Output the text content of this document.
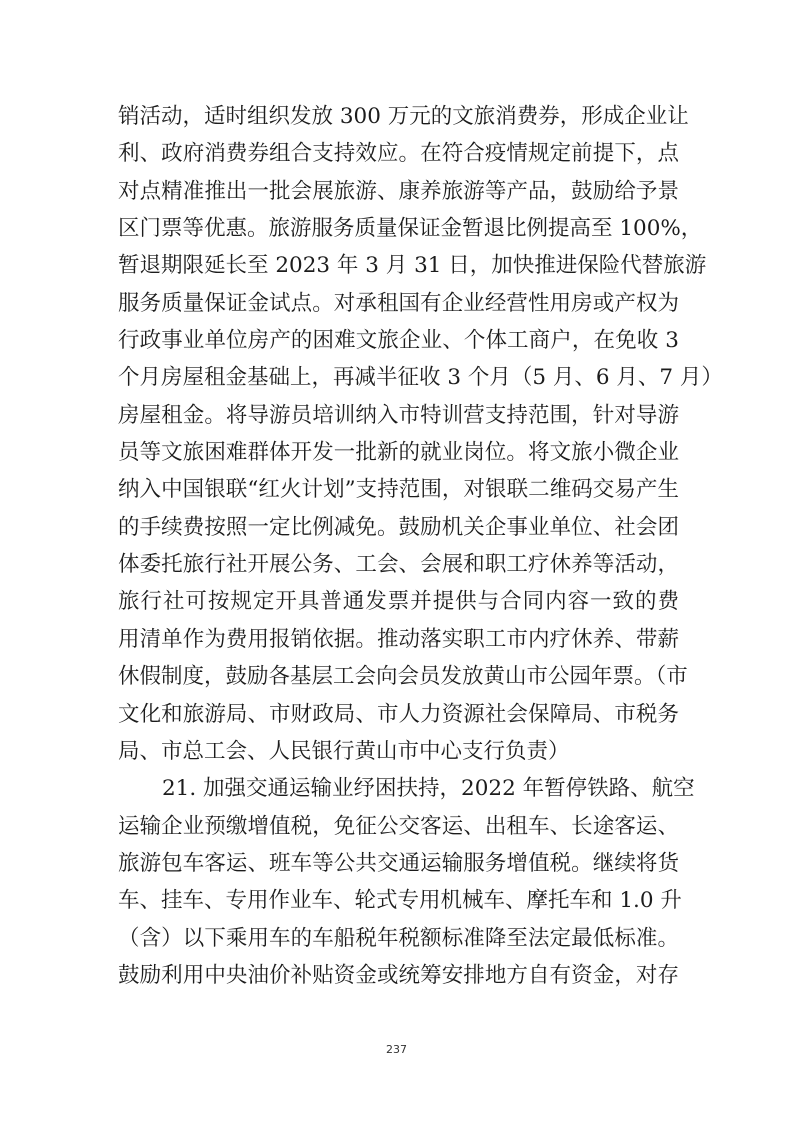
销活动，适时组织发放 300 万元的文旅消费券，形成企业让
利、政府消费券组合支持效应。在符合疫情规定前提下，点
对点精准推出一批会展旅游、康养旅游等产品，鼓励给予景
区门票等优惠。旅游服务质量保证金暂退比例提高至 100%，
暂退期限延长至 2023 年 3 月 31 日，加快推进保险代替旅游
服务质量保证金试点。对承租国有企业经营性用房或产权为
行政事业单位房产的困难文旅企业、个体工商户，在免收 3
个月房屋租金基础上，再减半征收 3 个月（5 月、6 月、7 月）
房屋租金。将导游员培训纳入市特训营支持范围，针对导游
员等文旅困难群体开发一批新的就业岗位。将文旅小微企业
纳入中国银联“红火计划”支持范围，对银联二维码交易产生
的手续费按照一定比例减免。鼓励机关企事业单位、社会团
体委托旅行社开展公务、工会、会展和职工疗休养等活动，
旅行社可按规定开具普通发票并提供与合同内容一致的费
用清单作为费用报销依据。推动落实职工市内疗休养、带薪
休假制度，鼓励各基层工会向会员发放黄山市公园年票。（市
文化和旅游局、市财政局、市人力资源社会保障局、市税务
局、市总工会、人民银行黄山市中心支行负责）
21. 加强交通运输业纾困扶持，2022 年暂停铁路、航空
运输企业预缴增值税，免征公交客运、出租车、长途客运、
旅游包车客运、班车等公共交通运输服务增值税。继续将货
车、挂车、专用作业车、轮式专用机械车、摩托车和 1.0 升
（含）以下乘用车的车船税年税额标准降至法定最低标准。
鼓励利用中央油价补贴资金或统筹安排地方自有资金，对存
237
